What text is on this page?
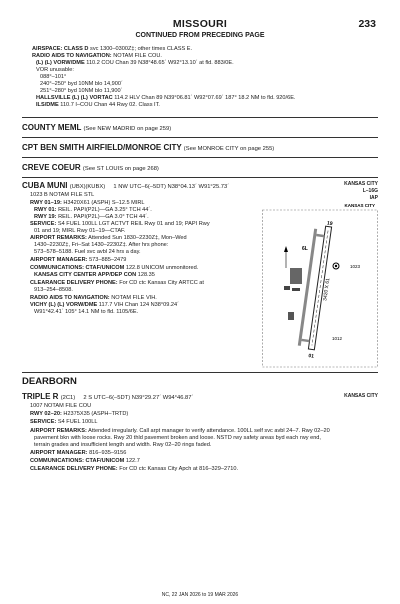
MISSOURI	233
CONTINUED FROM PRECEDING PAGE
AIRSPACE: CLASS D svc 1300–0300Z‡; other times CLASS E.
RADIO AIDS TO NAVIGATION: NOTAM FILE COU.
(L) (L) VORW/DME 110.2 COU Chan 39 N38°48.65´ W92°13.10´ at fld. 883/0E.
VOR unusable:
088°–101°
240°–250° byd 10NM blo 14,900´
251°–280° byd 10NM blo 11,900´
HALLSVILLE (L) (L) VORTAC 114.2 HLV Chan 89 N39°06.81´ W92°07.69´ 187° 18.2 NM to fld. 920/6E.
ILS/DME 110.7 I–COU Chan 44 Rwy 02. Class IT.
COUNTY MEML (See NEW MADRID on page 259)
CPT BEN SMITH AIRFIELD/MONROE CITY (See MONROE CITY on page 255)
CREVE COEUR (See ST LOUIS on page 268)
CUBA MUNI (UBX)(KUBX) 1 NW UTC–6(–5DT) N38°04.13´ W91°25.73´	KANSAS CITY
L–16G
IAP
1023 B NOTAM FILE STL
RWY 01–19: H3420X61 (ASPH) S–12.5 MIRL
RWY 01: REIL. PAPI(P2L)—GA 3.25° TCH 44´.
RWY 19: REIL. PAPI(P2L)—GA 3.0° TCH 44´.
SERVICE: S4 FUEL 100LL LGT ACTVT REIL Rwy 01 and 19; PAPI Rwy
01 and 19; MIRL Rwy 01–19—CTAF.
AIRPORT REMARKS: Attended Sun 1830–2230Z‡, Mon–Wed
1430–2230Z‡, Fri–Sat 1430–2230Z‡. After hrs phone:
573–578–5188. Fuel svc avbl 24 hrs a day.
AIRPORT MANAGER: 573–885–2479
COMMUNICATIONS: CTAF/UNICOM 122.8 UNICOM unmonitored.
KANSAS CITY CENTER APP/DEP CON 128.35
CLEARANCE DELIVERY PHONE: For CD ctc Kansas City ARTCC at
913–254–8508.
RADIO AIDS TO NAVIGATION: NOTAM FILE VIH.
VICHY (L) (L) VORW/DME 117.7 VIH Chan 124 N38°09.24´
W91°42.41´ 105° 14.1 NM to fld. 1105/6E.
KANSAS CITY
3420 X 61
19
01
1023
1012
6L
DEARBORN
TRIPLE R (2C1) 2 S UTC–6(–5DT) N39°29.27´ W94°46.87´	KANSAS CITY
1007 NOTAM FILE COU
RWY 02–20: H2375X35 (ASPH–TRTD)
SERVICE: S4 FUEL 100LL
AIRPORT REMARKS: Attended irregularly. Call arpt manager to verify attendance. 100LL self svc avbl 24–7. Rwy 02–20
pavement bkn with loose rocks. Rwy 20 thld pavement broken and loose. NSTD rwy safety areas byd each rwy end,
terrain grades and insufficient length and width. Rwy 02–20 rings faded.
AIRPORT MANAGER: 816–935–9156
COMMUNICATIONS: CTAF/UNICOM 122.7
CLEARANCE DELIVERY PHONE: For CD ctc Kansas City Apch at 816–329–2710.
NC, 22 JAN 2026 to 19 MAR 2026
